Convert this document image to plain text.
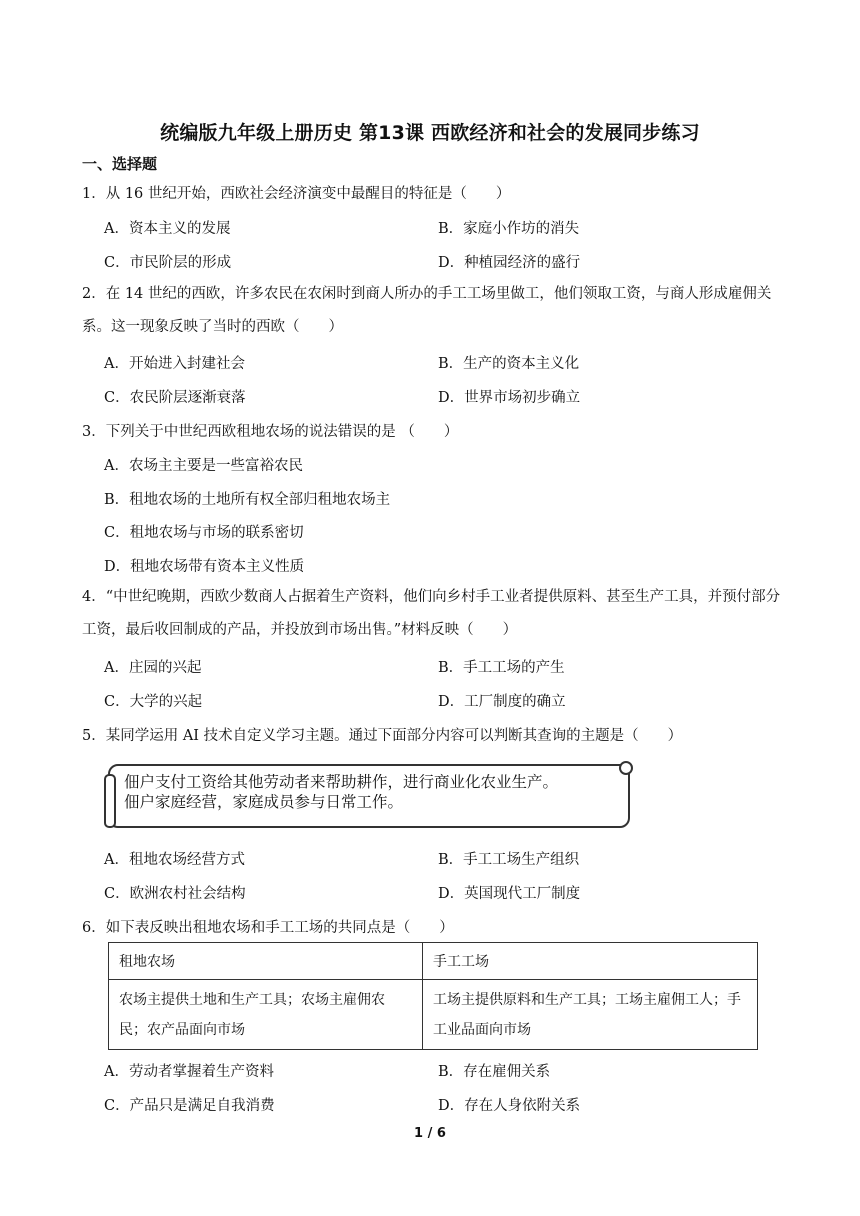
统编版九年级上册历史 第13课 西欧经济和社会的发展同步练习
一、选择题
1．从 16 世纪开始，西欧社会经济演变中最醒目的特征是（　　）
A．资本主义的发展	B．家庭小作坊的消失
C．市民阶层的形成	D．种植园经济的盛行
2．在 14 世纪的西欧，许多农民在农闲时到商人所办的手工工场里做工，他们领取工资，与商人形成雇佣关系。这一现象反映了当时的西欧（　　）
A．开始进入封建社会	B．生产的资本主义化
C．农民阶层逐渐衰落	D．世界市场初步确立
3．下列关于中世纪西欧租地农场的说法错误的是 （　　）
A．农场主主要是一些富裕农民
B．租地农场的土地所有权全部归租地农场主
C．租地农场与市场的联系密切
D．租地农场带有资本主义性质
4．“中世纪晚期，西欧少数商人占据着生产资料，他们向乡村手工业者提供原料、甚至生产工具，并预付部分工资，最后收回制成的产品，并投放到市场出售。”材料反映（　　）
A．庄园的兴起	B．手工工场的产生
C．大学的兴起	D．工厂制度的确立
5．某同学运用 AI 技术自定义学习主题。通过下面部分内容可以判断其查询的主题是（　　）
佃户支付工资给其他劳动者来帮助耕作，进行商业化农业生产。
佃户家庭经营，家庭成员参与日常工作。
A．租地农场经营方式	B．手工工场生产组织
C．欧洲农村社会结构	D．英国现代工厂制度
6．如下表反映出租地农场和手工工场的共同点是（　　）
租地农场	手工工场
农场主提供土地和生产工具；农场主雇佣农民；农产品面向市场	工场主提供原料和生产工具；工场主雇佣工人；手工业品面向市场
A．劳动者掌握着生产资料	B．存在雇佣关系
C．产品只是满足自我消费	D．存在人身依附关系
1 / 6
